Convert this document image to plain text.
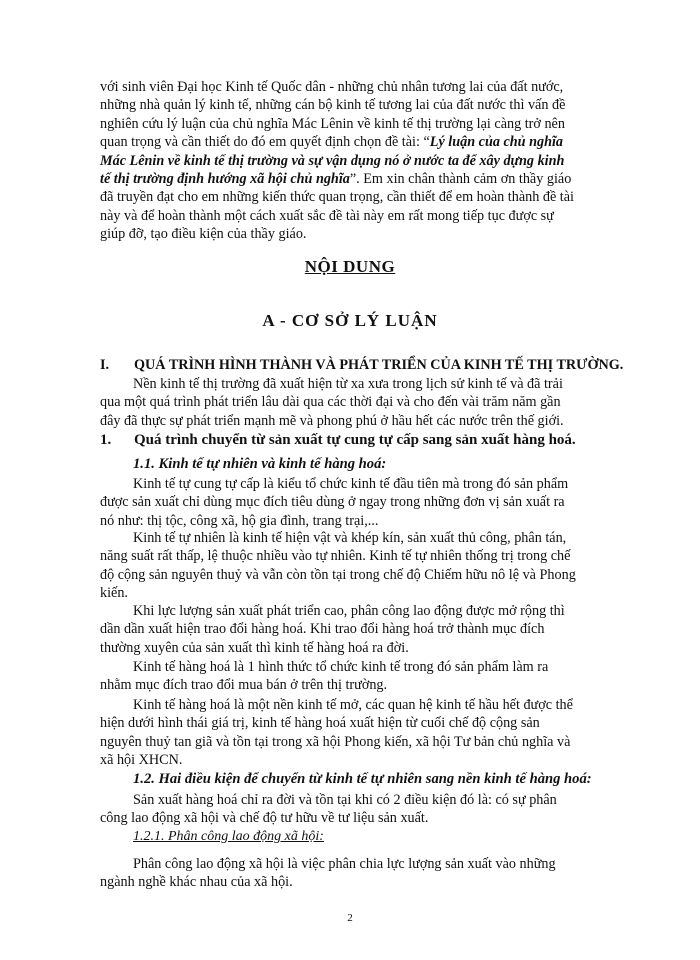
với sinh viên Đại học Kinh tế Quốc dân - những chủ nhân tương lai của đất nước,
những nhà quản lý kinh tế, những cán bộ kinh tế tương lai của đất nước thì vấn đề
nghiên cứu lý luận của chủ nghĩa Mác Lênin về kinh tế thị trường lại càng trở nên
quan trọng và cần thiết do đó em quyết định chọn đề tài: “Lý luận của chủ nghĩa
Mác Lênin về kinh tế thị trường và sự vận dụng nó ở nước ta để xây dựng kinh
tế thị trường định hướng xã hội chủ nghĩa”. Em xin chân thành cảm ơn thầy giáo
đã truyền đạt cho em những kiến thức quan trọng, cần thiết để em hoàn thành đề tài
này và để hoàn thành một cách xuất sắc đề tài này em rất mong tiếp tục được sự
giúp đỡ, tạo điều kiện của thầy giáo.
NỘI DUNG
A - CƠ SỞ LÝ LUẬN
I. QUÁ TRÌNH HÌNH THÀNH VÀ PHÁT TRIỂN CỦA KINH TẾ THỊ TRƯỜNG.
Nền kinh tế thị trường đã xuất hiện từ xa xưa trong lịch sử kinh tế và đã trải
qua một quá trình phát triển lâu dài qua các thời đại và cho đến vài trăm năm gần
đây đã thực sự phát triển mạnh mẽ và phong phú ở hầu hết các nước trên thế giới.
1. Quá trình chuyển từ sản xuất tự cung tự cấp sang sản xuất hàng hoá.
1.1. Kinh tế tự nhiên và kinh tế hàng hoá:
Kinh tế tự cung tự cấp là kiểu tổ chức kinh tế đầu tiên mà trong đó sản phẩm
được sản xuất chỉ dùng mục đích tiêu dùng ở ngay trong những đơn vị sản xuất ra
nó như: thị tộc, công xã, hộ gia đình, trang trại,...
Kinh tế tự nhiên là kinh tế hiện vật và khép kín, sản xuất thủ công, phân tán,
năng suất rất thấp, lệ thuộc nhiều vào tự nhiên. Kinh tế tự nhiên thống trị trong chế
độ cộng sản nguyên thuỷ và vẫn còn tồn tại trong chế độ Chiếm hữu nô lệ và Phong
kiến.
Khi lực lượng sản xuất phát triển cao, phân công lao động được mở rộng thì
dần dần xuất hiện trao đổi hàng hoá. Khi trao đổi hàng hoá trở thành mục đích
thường xuyên của sản xuất thì kinh tế hàng hoá ra đời.
Kinh tế hàng hoá là 1 hình thức tổ chức kinh tế trong đó sản phẩm làm ra
nhằm mục đích trao đổi mua bán ở trên thị trường.
Kinh tế hàng hoá là một nền kinh tế mở, các quan hệ kinh tế hầu hết được thể
hiện dưới hình thái giá trị, kinh tế hàng hoá xuất hiện từ cuối chế độ cộng sản
nguyên thuỷ tan giã và tồn tại trong xã hội Phong kiến, xã hội Tư bản chủ nghĩa và
xã hội XHCN.
1.2. Hai điều kiện để chuyển từ kinh tế tự nhiên sang nền kinh tế hàng hoá:
Sản xuất hàng hoá chỉ ra đời và tồn tại khi có 2 điều kiện đó là: có sự phân
công lao động xã hội và chế độ tư hữu về tư liệu sản xuất.
1.2.1. Phân công lao động xã hội:
Phân công lao động xã hội là việc phân chia lực lượng sản xuất vào những
ngành nghề khác nhau của xã hội.
2
